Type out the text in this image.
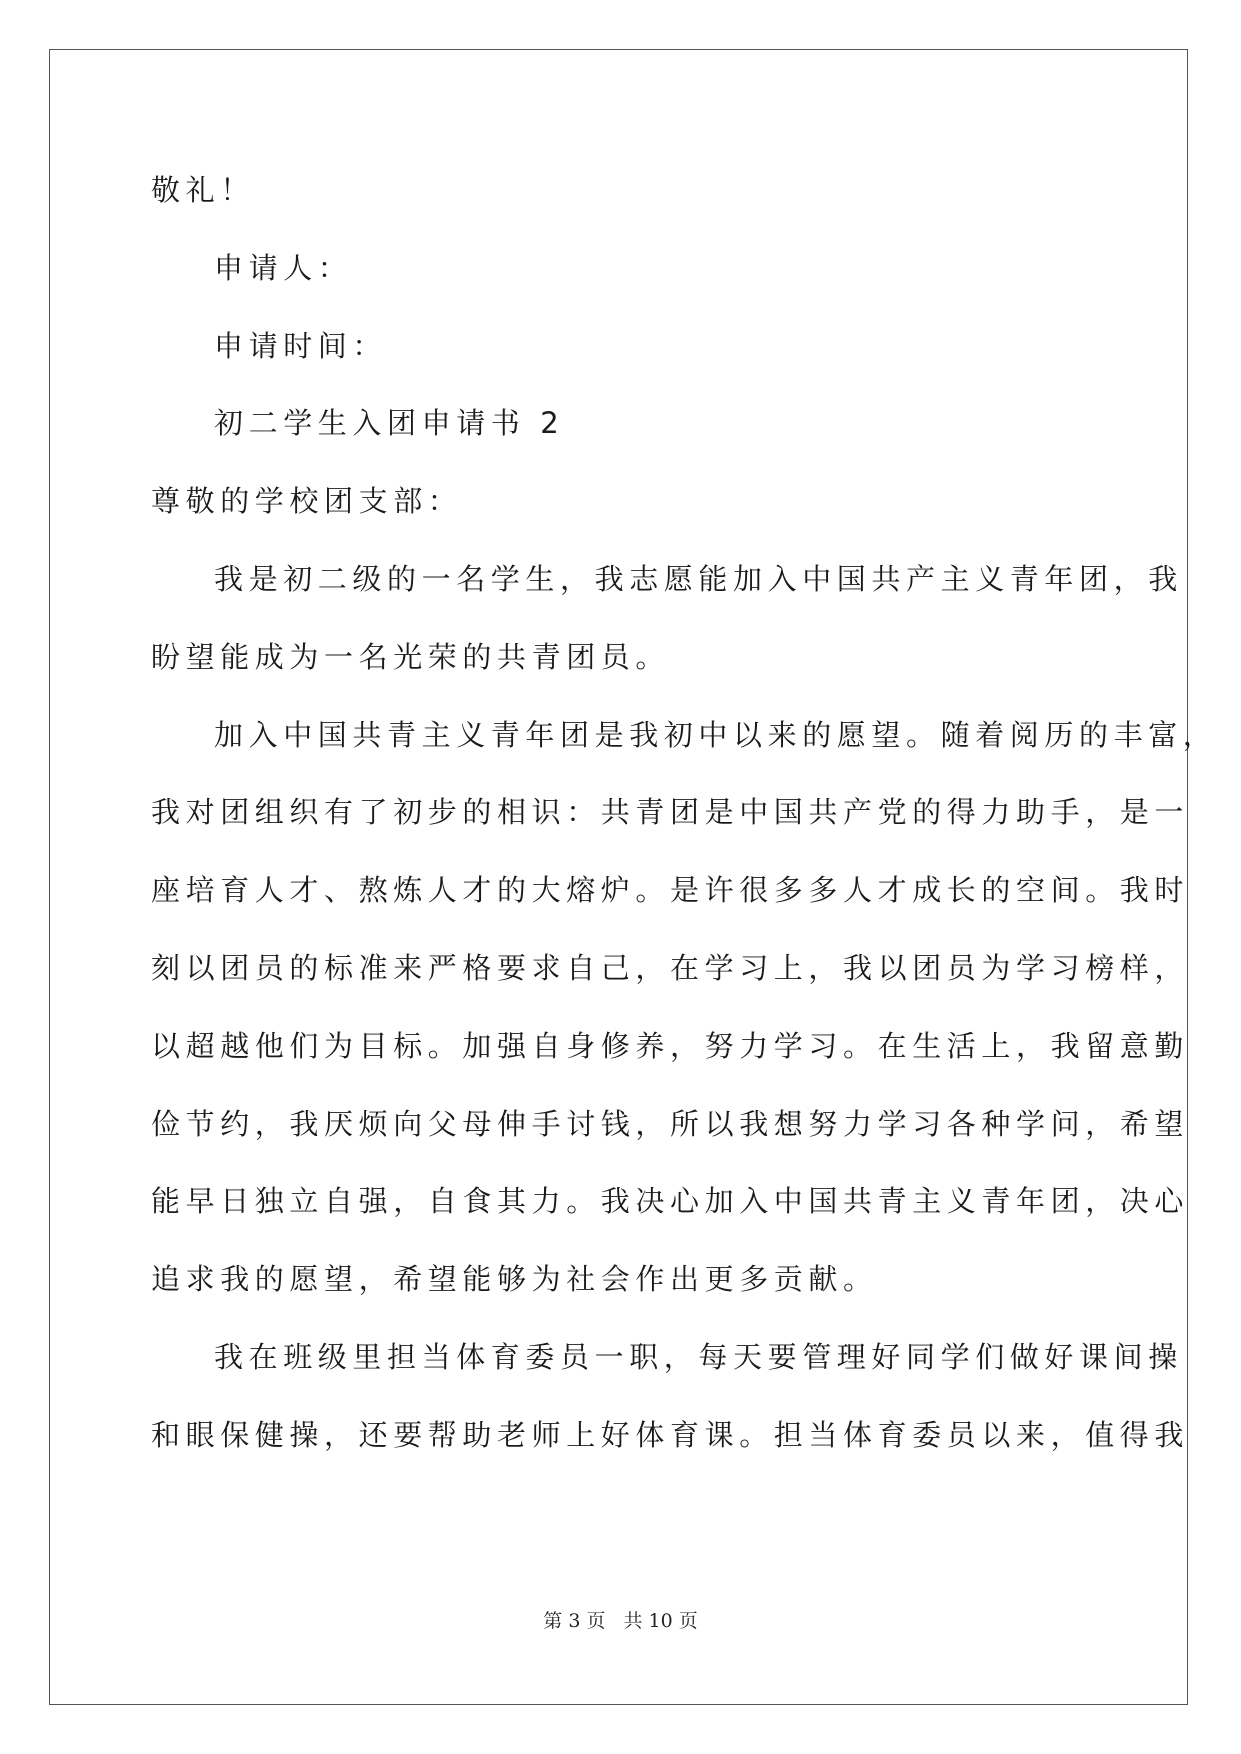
敬礼！
申请人：
申请时间：
初二学生入团申请书 2
尊敬的学校团支部：
我是初二级的一名学生，我志愿能加入中国共产主义青年团，我
盼望能成为一名光荣的共青团员。
加入中国共青主义青年团是我初中以来的愿望。随着阅历的丰富，
我对团组织有了初步的相识：共青团是中国共产党的得力助手，是一
座培育人才、熬炼人才的大熔炉。是许很多多人才成长的空间。我时
刻以团员的标准来严格要求自己，在学习上，我以团员为学习榜样，
以超越他们为目标。加强自身修养，努力学习。在生活上，我留意勤
俭节约，我厌烦向父母伸手讨钱，所以我想努力学习各种学问，希望
能早日独立自强，自食其力。我决心加入中国共青主义青年团，决心
追求我的愿望，希望能够为社会作出更多贡献。
我在班级里担当体育委员一职，每天要管理好同学们做好课间操
和眼保健操，还要帮助老师上好体育课。担当体育委员以来，值得我
第 3 页 共 10 页
